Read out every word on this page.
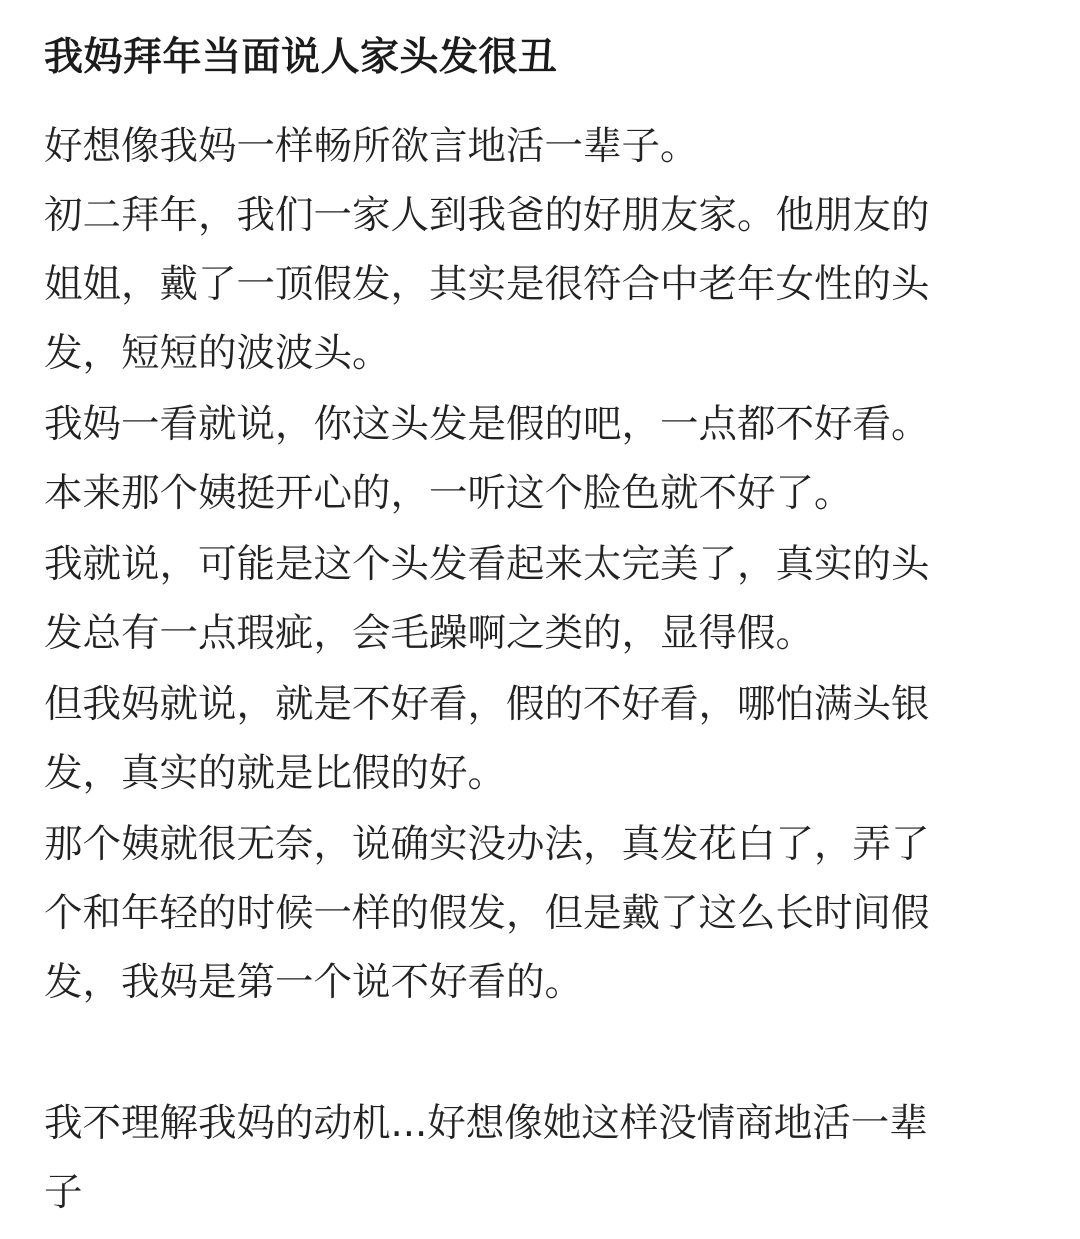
我妈拜年当面说人家头发很丑

好想像我妈一样畅所欲言地活一辈子。

初二拜年，我们一家人到我爸的好朋友家。他朋友的

姐姐，戴了一顶假发，其实是很符合中老年女性的头

发，短短的波波头。

我妈一看就说，你这头发是假的吧，一点都不好看。

本来那个姨挺开心的，一听这个脸色就不好了。

我就说，可能是这个头发看起来太完美了，真实的头

发总有一点瑕疵，会毛躁啊之类的，显得假。

但我妈就说，就是不好看，假的不好看，哪怕满头银

发，真实的就是比假的好。

那个姨就很无奈，说确实没办法，真发花白了，弄了

个和年轻的时候一样的假发，但是戴了这么长时间假

发，我妈是第一个说不好看的。

我不理解我妈的动机...好想像她这样没情商地活一辈

子
